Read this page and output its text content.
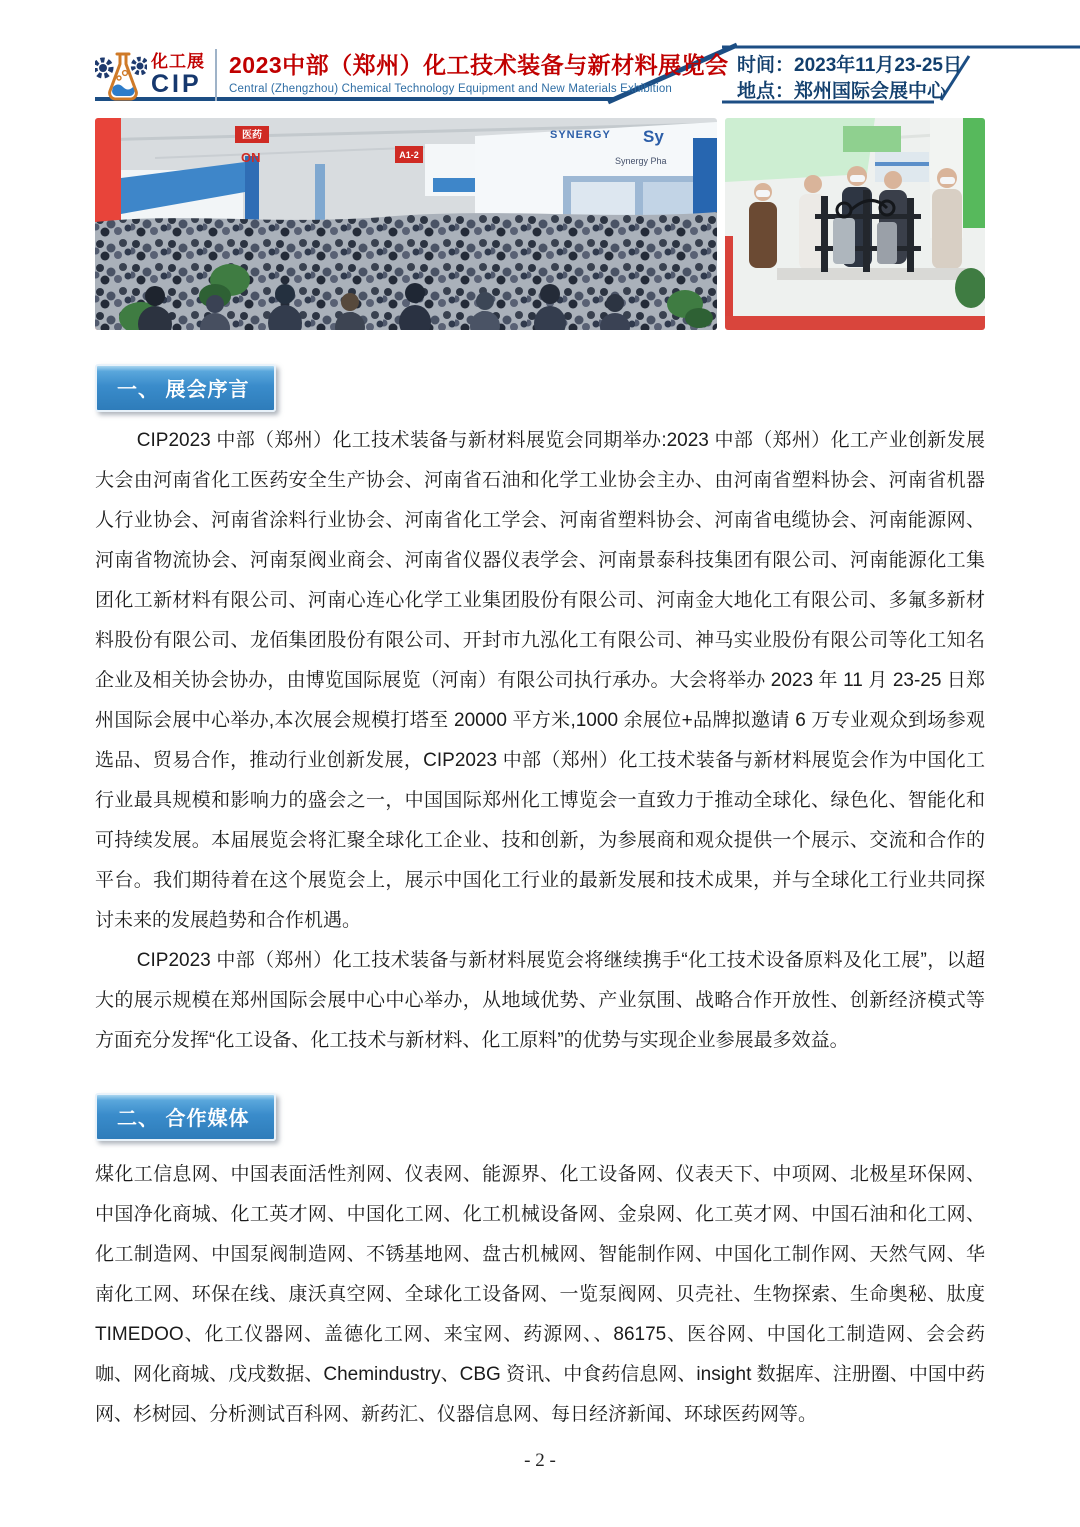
化工展
CIP
2023中部（郑州）化工技术装备与新材料展览会
Central (Zhengzhou) Chemical Technology Equipment and New Materials Exhibition
时间：2023年11月23-25日
地点：郑州国际会展中心
医药
ON	A1-2
SYNERGY Sy
Synergy Pha
一、 展会序言

CIP2023 中部（郑州）化工技术装备与新材料展览会同期举办:2023 中部（郑州）化工产业创新发展大会由河南省化工医药安全生产协会、河南省石油和化学工业协会主办、由河南省塑料协会、河南省机器人行业协会、河南省涂料行业协会、河南省化工学会、河南省塑料协会、河南省电缆协会、河南能源网、河南省物流协会、河南泵阀业商会、河南省仪器仪表学会、河南景泰科技集团有限公司、河南能源化工集团化工新材料有限公司、河南心连心化学工业集团股份有限公司、河南金大地化工有限公司、多氟多新材料股份有限公司、龙佰集团股份有限公司、开封市九泓化工有限公司、神马实业股份有限公司等化工知名企业及相关协会协办，由博览国际展览（河南）有限公司执行承办。大会将举办 2023 年 11 月 23-25 日郑州国际会展中心举办,本次展会规模打塔至 20000 平方米,1000 余展位+品牌拟邀请 6 万专业观众到场参观选品、贸易合作，推动行业创新发展，CIP2023 中部（郑州）化工技术装备与新材料展览会作为中国化工行业最具规模和影响力的盛会之一，中国国际郑州化工博览会一直致力于推动全球化、绿色化、智能化和可持续发展。本届展览会将汇聚全球化工企业、技和创新，为参展商和观众提供一个展示、交流和合作的平台。我们期待着在这个展览会上，展示中国化工行业的最新发展和技术成果，并与全球化工行业共同探讨未来的发展趋势和合作机遇。

CIP2023 中部（郑州）化工技术装备与新材料展览会将继续携手“化工技术设备原料及化工展”，以超大的展示规模在郑州国际会展中心中心举办，从地域优势、产业氛围、战略合作开放性、创新经济模式等方面充分发挥“化工设备、化工技术与新材料、化工原料”的优势与实现企业参展最多效益。

二、 合作媒体

煤化工信息网、中国表面活性剂网、仪表网、能源界、化工设备网、仪表天下、中项网、北极星环保网、中国净化商城、化工英才网、中国化工网、化工机械设备网、金泉网、化工英才网、中国石油和化工网、化工制造网、中国泵阀制造网、不锈基地网、盘古机械网、智能制作网、中国化工制作网、天然气网、华南化工网、环保在线、康沃真空网、全球化工设备网、一览泵阀网、贝壳社、生物探索、生命奥秘、肽度TIMEDOO、化工仪器网、盖德化工网、来宝网、药源网、、86175、医谷网、中国化工制造网、会会药咖、网化商城、戊戌数据、Chemindustry、CBG 资讯、中食药信息网、insight 数据库、注册圈、中国中药网、杉树园、分析测试百科网、新药汇、仪器信息网、每日经济新闻、环球医药网等。

- 2 -
